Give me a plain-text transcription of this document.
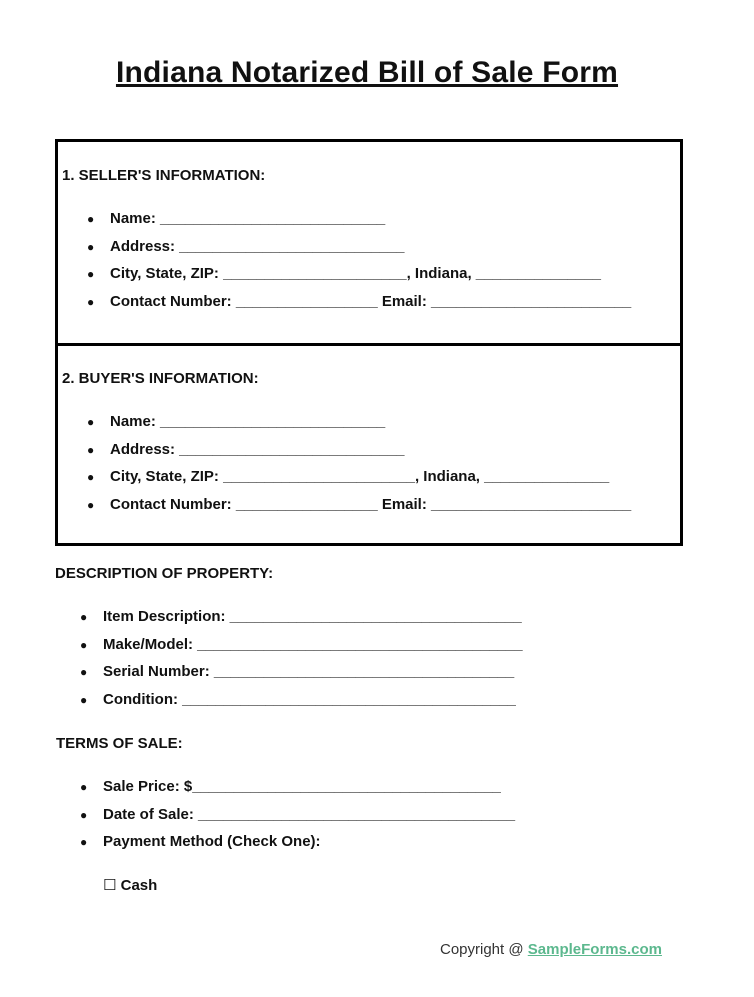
Indiana Notarized Bill of Sale Form
1. SELLER'S INFORMATION:
● Name: ___________________________
● Address: ___________________________
● City, State, ZIP: ______________________, Indiana, _______________
● Contact Number: _________________ Email: ________________________
2. BUYER'S INFORMATION:
● Name: ___________________________
● Address: ___________________________
● City, State, ZIP: _______________________, Indiana, _______________
● Contact Number: _________________ Email: ________________________
DESCRIPTION OF PROPERTY:
● Item Description: ___________________________________
● Make/Model: _______________________________________
● Serial Number: ____________________________________
● Condition: ________________________________________
TERMS OF SALE:
● Sale Price: $_____________________________________
● Date of Sale: ______________________________________
● Payment Method (Check One):
☐ Cash
Copyright @ SampleForms.com
